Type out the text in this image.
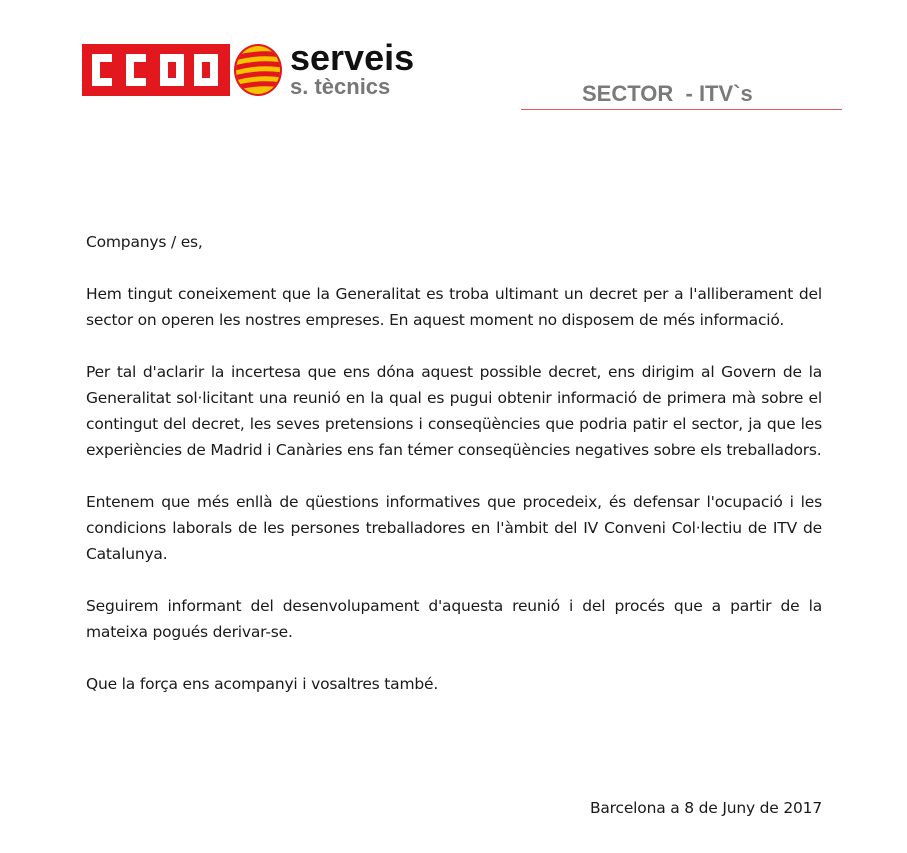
serveis
s. tècnics	SECTOR  - ITV`s

Companys / es,

Hem tingut coneixement que la Generalitat es troba ultimant un decret per a l'alliberament del sector on operen les nostres empreses. En aquest moment no disposem de més informació.

Per tal d'aclarir la incertesa que ens dóna aquest possible decret, ens dirigim al Govern de la Generalitat sol·licitant una reunió en la qual es pugui obtenir informació de primera mà sobre el contingut del decret, les seves pretensions i conseqüències que podria patir el sector, ja que les experiències de Madrid i Canàries ens fan témer conseqüències negatives sobre els treballadors.

Entenem que més enllà de qüestions informatives que procedeix, és defensar l'ocupació i les condicions laborals de les persones treballadores en l'àmbit del IV Conveni Col·lectiu de ITV de Catalunya.

Seguirem informant del desenvolupament d'aquesta reunió i del procés que a partir de la mateixa pogués derivar-se.

Que la força ens acompanyi i vosaltres també.

Barcelona a 8 de Juny de 2017
